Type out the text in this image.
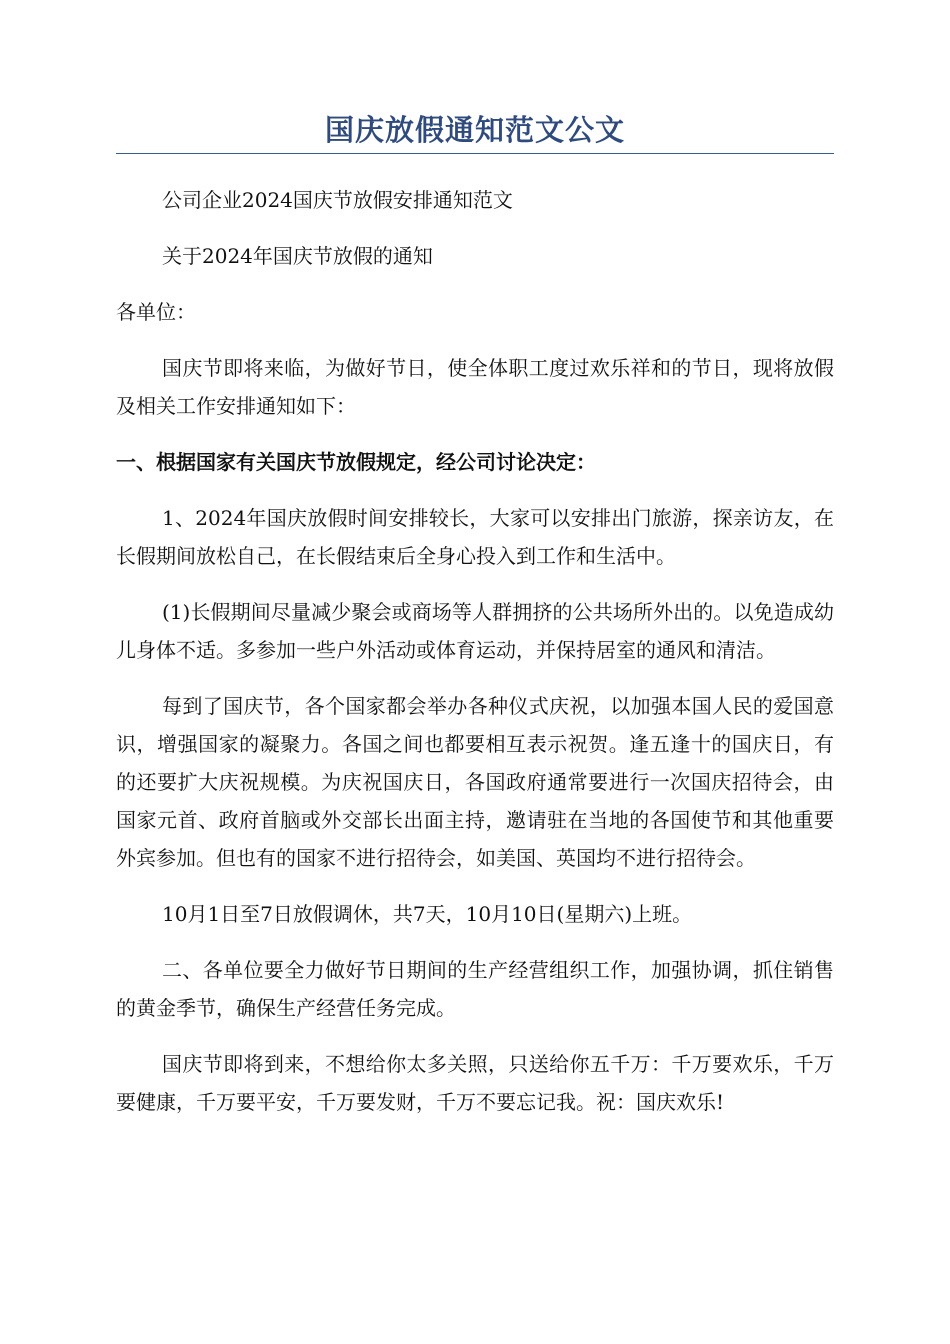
国庆放假通知范文公文

公司企业2024国庆节放假安排通知范文

关于2024年国庆节放假的通知

各单位：

国庆节即将来临，为做好节日，使全体职工度过欢乐祥和的节日，现将放假及相关工作安排通知如下：

一、根据国家有关国庆节放假规定，经公司讨论决定：

1、2024年国庆放假时间安排较长，大家可以安排出门旅游，探亲访友，在长假期间放松自己，在长假结束后全身心投入到工作和生活中。

(1)长假期间尽量减少聚会或商场等人群拥挤的公共场所外出的。以免造成幼儿身体不适。多参加一些户外活动或体育运动，并保持居室的通风和清洁。

每到了国庆节，各个国家都会举办各种仪式庆祝，以加强本国人民的爱国意识，增强国家的凝聚力。各国之间也都要相互表示祝贺。逢五逢十的国庆日，有的还要扩大庆祝规模。为庆祝国庆日，各国政府通常要进行一次国庆招待会，由国家元首、政府首脑或外交部长出面主持，邀请驻在当地的各国使节和其他重要外宾参加。但也有的国家不进行招待会，如美国、英国均不进行招待会。

10月1日至7日放假调休，共7天，10月10日(星期六)上班。

二、各单位要全力做好节日期间的生产经营组织工作，加强协调，抓住销售的黄金季节，确保生产经营任务完成。

国庆节即将到来，不想给你太多关照，只送给你五千万：千万要欢乐，千万要健康，千万要平安，千万要发财，千万不要忘记我。祝：国庆欢乐!
